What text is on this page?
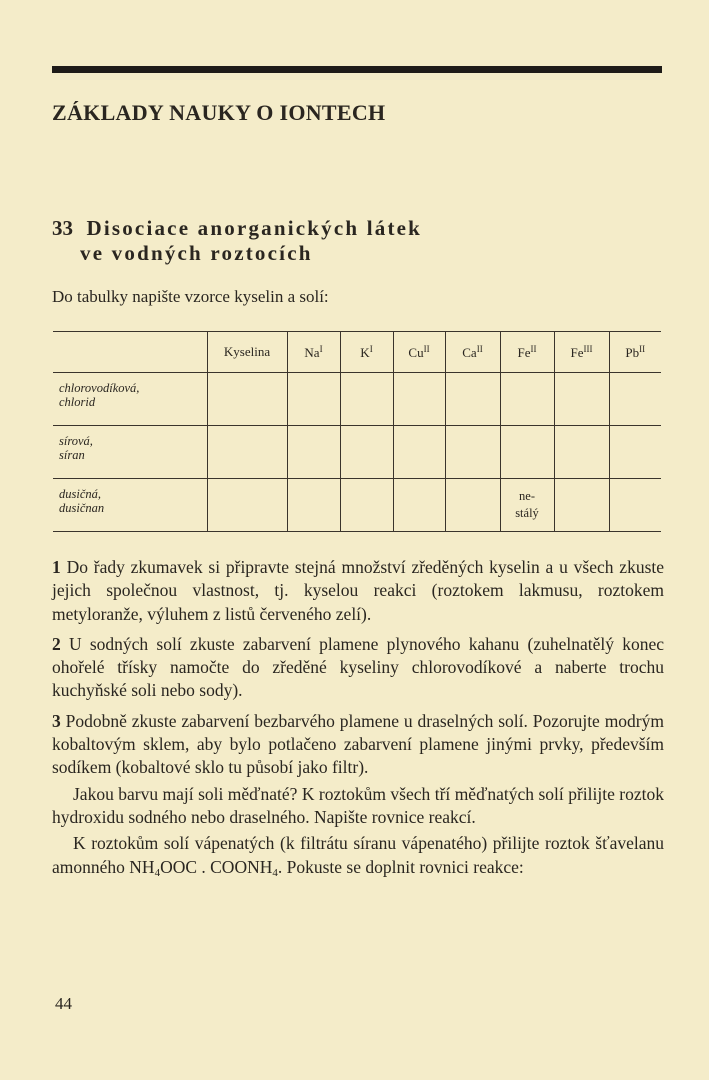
ZÁKLADY NAUKY O IONTECH
33 Disociace anorganických látek
ve vodných roztocích
Do tabulky napište vzorce kyselin a solí:
	Kyselina	$Na^I$	$K^I$	$Cu^{II}$	$Ca^{II}$	$Fe^{II}$	$Fe^{III}$	$Pb^{II}$

chlorovodíková,
chlorid								

sírová,
síran								

dusičná,
dusičnan						ne-
stálý		

1 Do řady zkumavek si připravte stejná množství zředěných kyselin a u všech zkuste jejich společnou vlastnost, tj. kyselou reakci (roztokem lakmusu, roztokem metyloranže, výluhem z listů červeného zelí).

2 U sodných solí zkuste zabarvení plamene plynového kahanu (zuhelnatělý konec ohořelé třísky namočte do zředěné kyseliny chlorovodíkové a naberte trochu kuchyňské soli nebo sody).

3 Podobně zkuste zabarvení bezbarvého plamene u draselných solí. Pozorujte modrým kobaltovým sklem, aby bylo potlačeno zabarvení plamene jinými prvky, především sodíkem (kobaltové sklo tu působí jako filtr).

Jakou barvu mají soli měďnaté? K roztokům všech tří měďnatých solí přilijte roztok hydroxidu sodného nebo draselného. Napište rovnice reakcí.

K roztokům solí vápenatých (k filtrátu síranu vápenatého) přilijte roztok šťavelanu amonného $NH_4OOC$ . $COONH_4$. Pokuste se doplnit rovnici reakce:

44
